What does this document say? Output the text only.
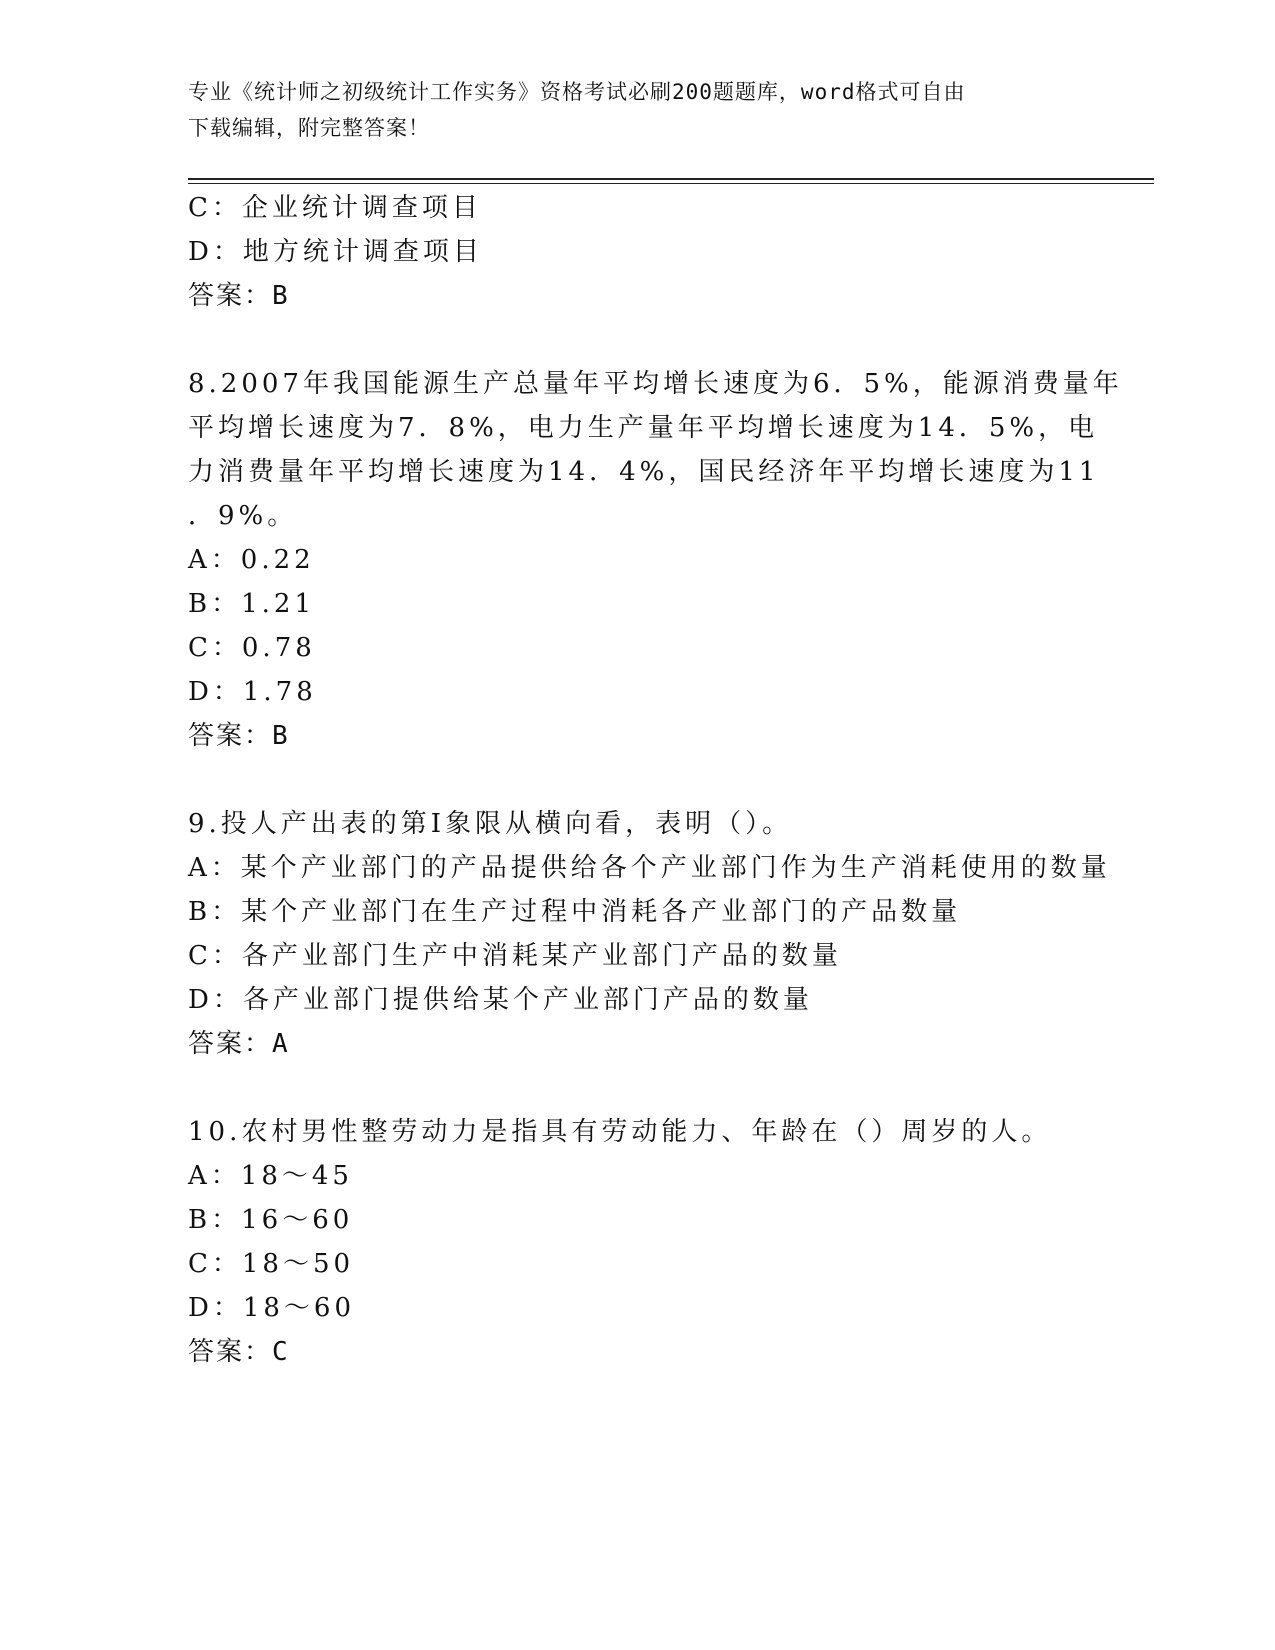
专业《统计师之初级统计工作实务》资格考试必刷200题题库，word格式可自由
下载编辑，附完整答案！
C：企业统计调查项目
D：地方统计调查项目
答案：B
8.2007年我国能源生产总量年平均增长速度为6．5%，能源消费量年
平均增长速度为7．8%，电力生产量年平均增长速度为14．5%，电
力消费量年平均增长速度为14．4%，国民经济年平均增长速度为11
．9%。
A：0.22
B：1.21
C：0.78
D：1.78
答案：B
9.投人产出表的第Ⅰ象限从横向看，表明（）。
A：某个产业部门的产品提供给各个产业部门作为生产消耗使用的数量
B：某个产业部门在生产过程中消耗各产业部门的产品数量
C：各产业部门生产中消耗某产业部门产品的数量
D：各产业部门提供给某个产业部门产品的数量
答案：A
10.农村男性整劳动力是指具有劳动能力、年龄在（）周岁的人。
A：18～45
B：16～60
C：18～50
D：18～60
答案：C
